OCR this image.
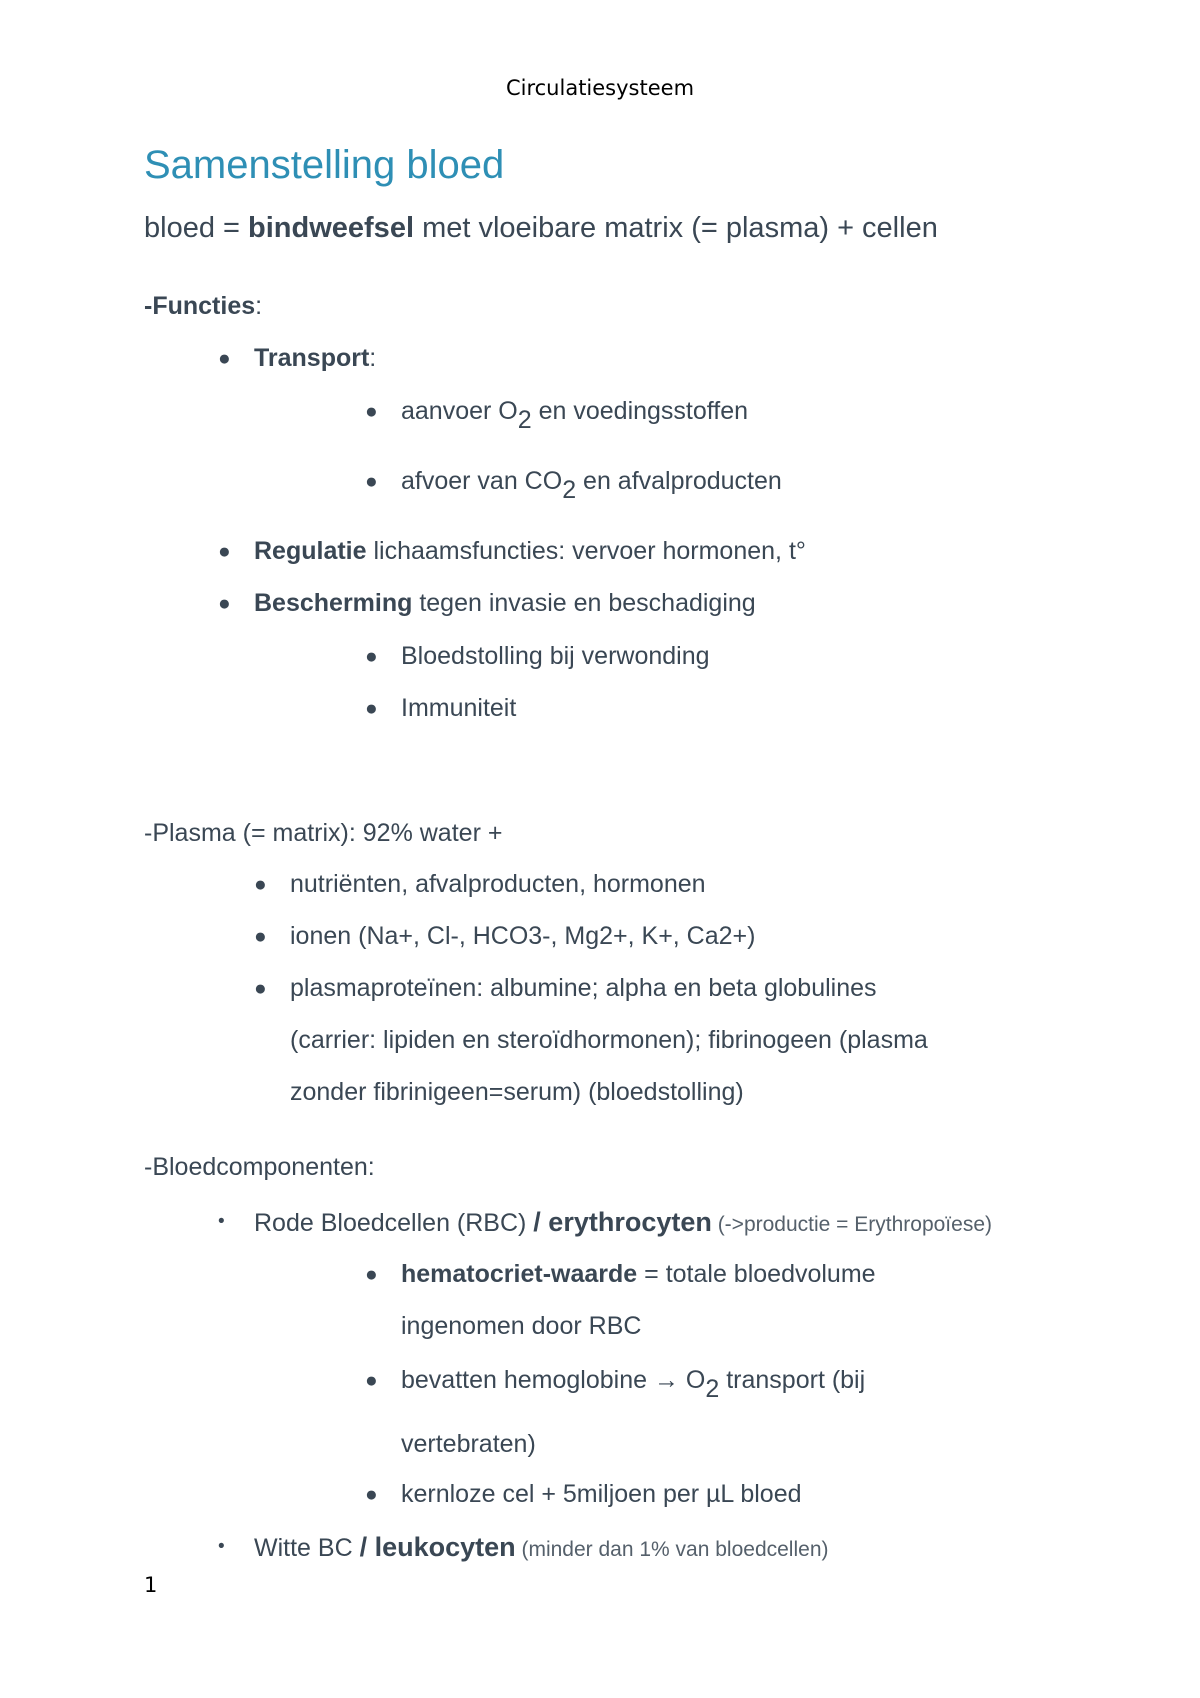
Circulatiesysteem
Samenstelling bloed
bloed = bindweefsel met vloeibare matrix (= plasma) + cellen
-Functies:
● Transport:
● aanvoer $O_2$ en voedingsstoffen
● afvoer van $CO_2$ en afvalproducten
● Regulatie lichaamsfuncties: vervoer hormonen, t°
● Bescherming tegen invasie en beschadiging
● Bloedstolling bij verwonding
● Immuniteit
-Plasma (= matrix): 92% water +
● nutriënten, afvalproducten, hormonen
● ionen (Na+, Cl-, HCO3-, Mg2+, K+, Ca2+)
● plasmaproteïnen: albumine; alpha en beta globulines
(carrier: lipiden en steroïdhormonen); fibrinogeen (plasma
zonder fibrinigeen=serum) (bloedstolling)
-Bloedcomponenten:
• Rode Bloedcellen (RBC) / erythrocyten (->productie = Erythropoïese)
● hematocriet-waarde = totale bloedvolume
ingenomen door RBC
● bevatten hemoglobine → $O_2$ transport (bij
vertebraten)
● kernloze cel + 5miljoen per µL bloed
• Witte BC / leukocyten (minder dan 1% van bloedcellen)
1
